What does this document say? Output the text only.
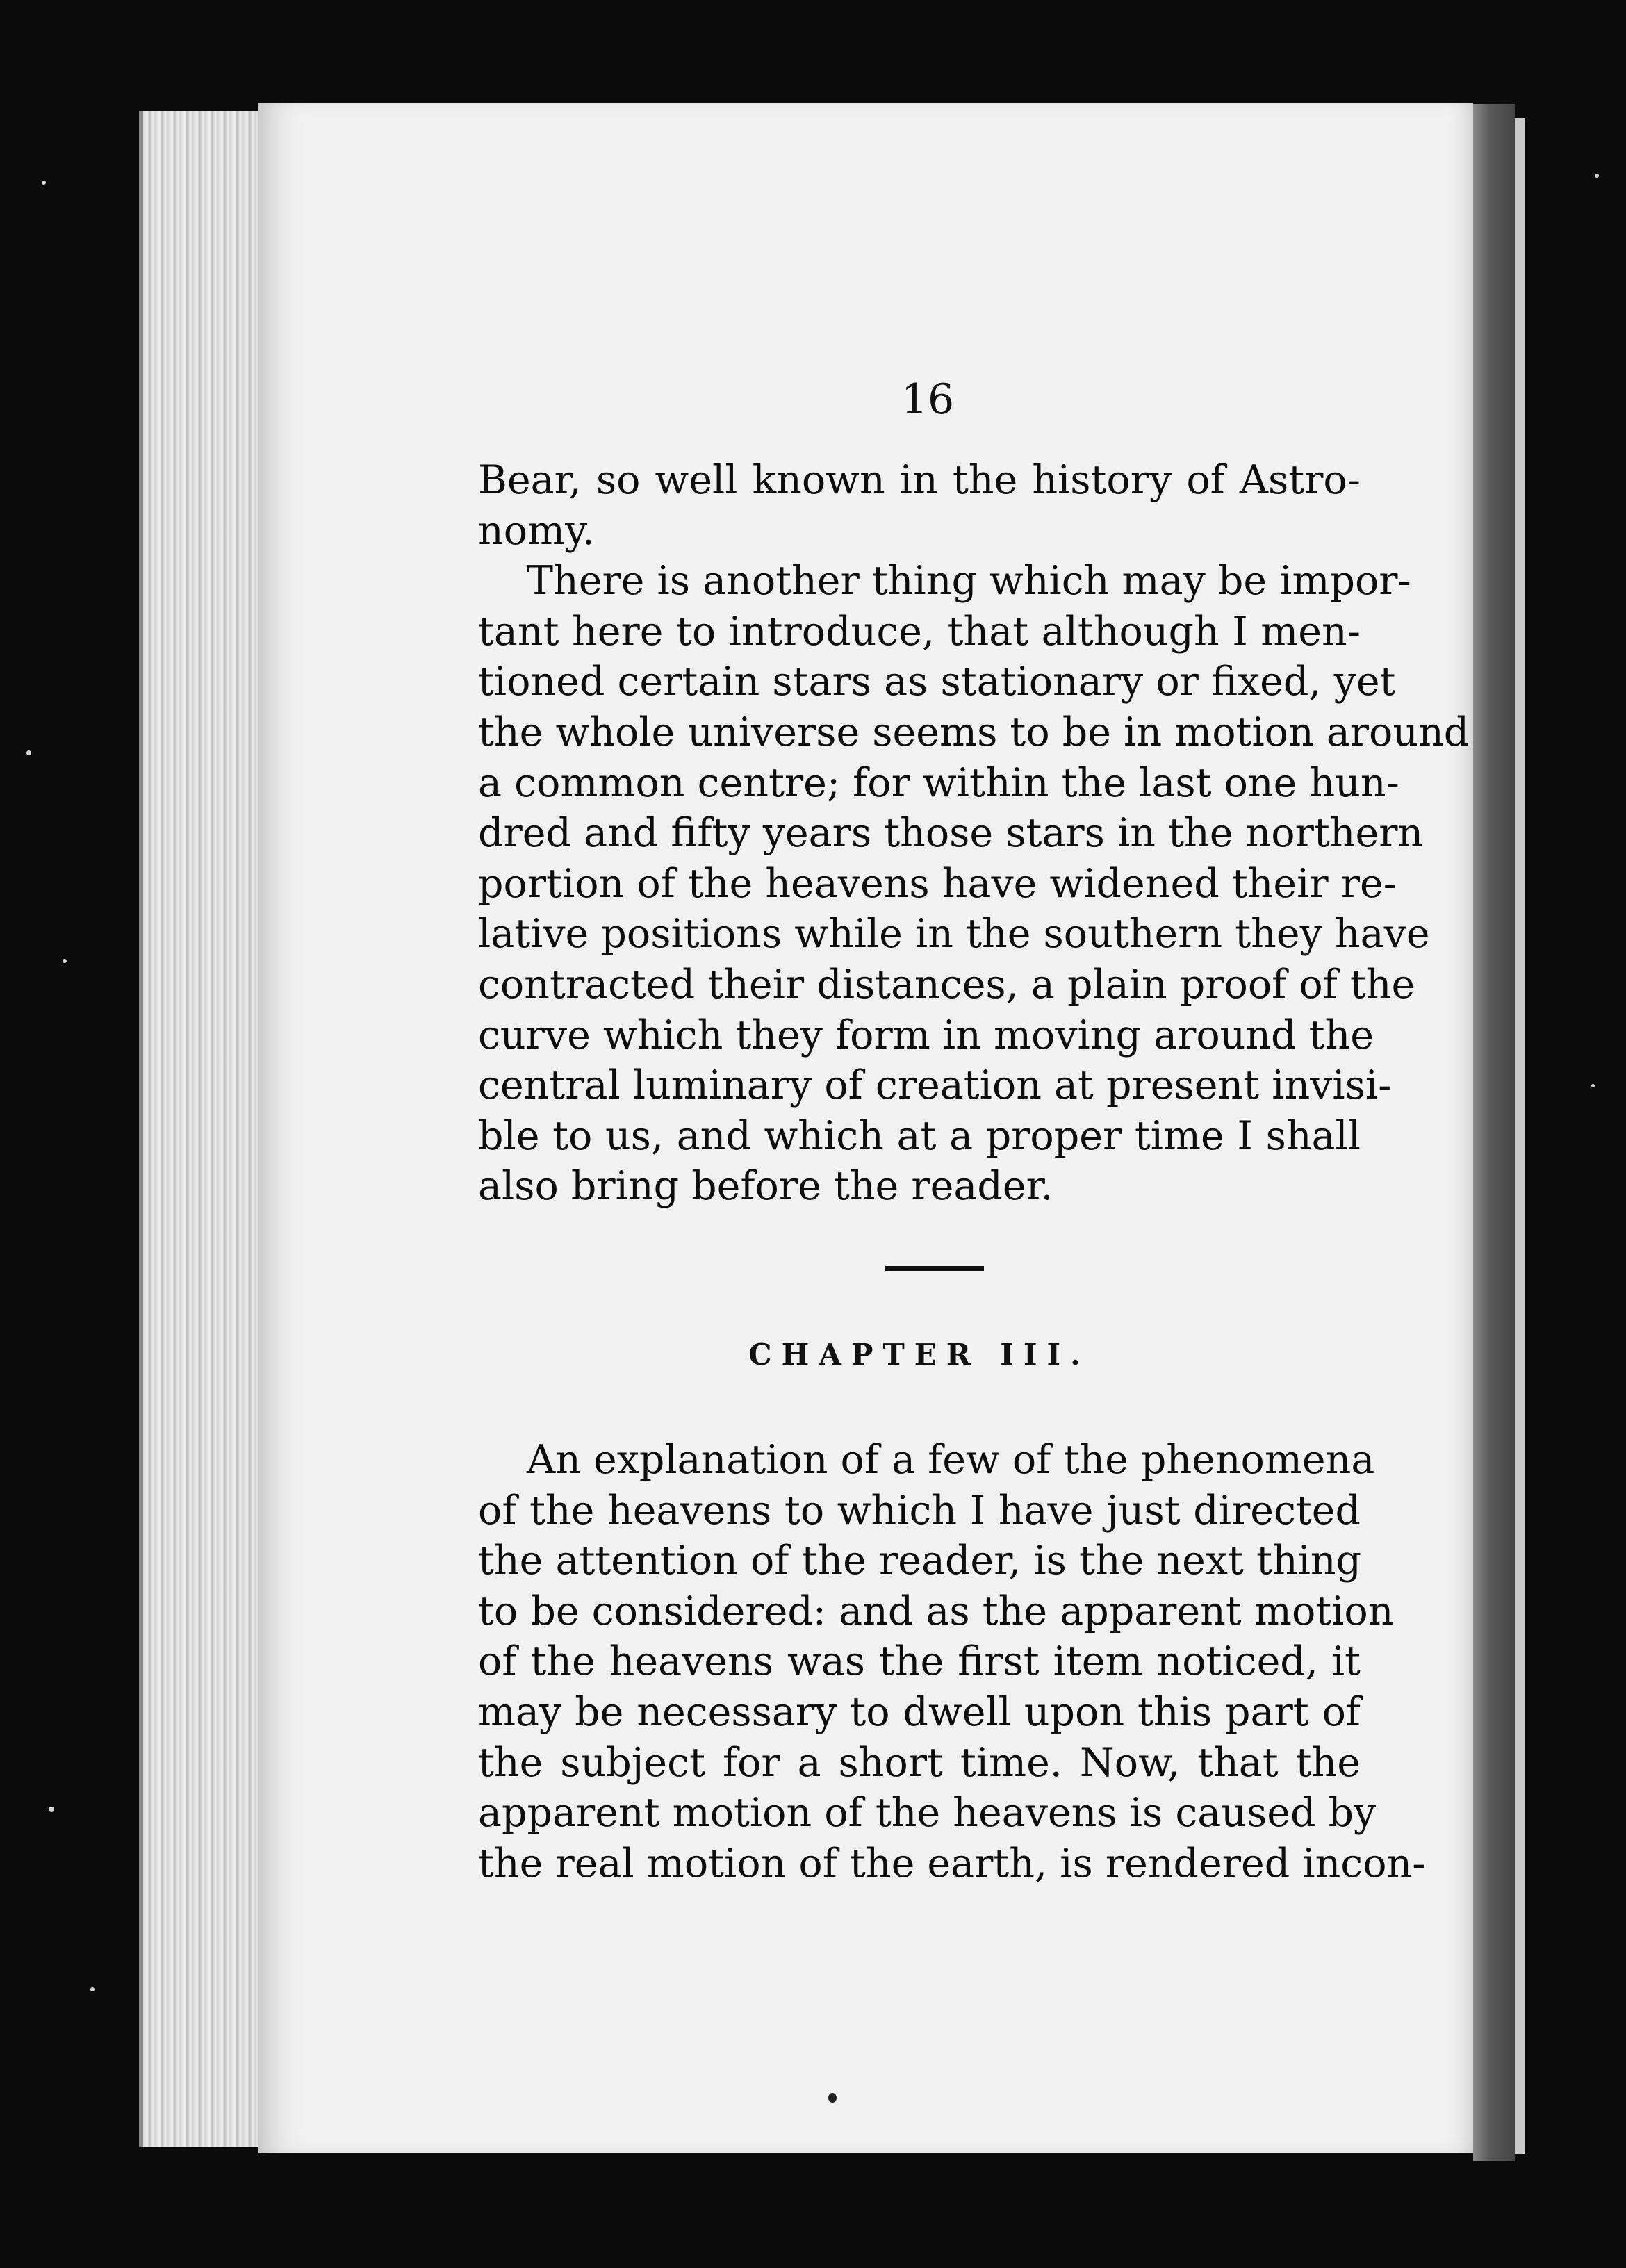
16
Bear, so well known in the history of Astro-
nomy.
There is another thing which may be impor-
tant here to introduce, that although I men-
tioned certain stars as stationary or fixed, yet
the whole universe seems to be in motion around
a common centre; for within the last one hun-
dred and fifty years those stars in the northern
portion of the heavens have widened their re-
lative positions while in the southern they have
contracted their distances, a plain proof of the
curve which they form in moving around the
central luminary of creation at present invisi-
ble to us, and which at a proper time I shall
also bring before the reader.
CHAPTER III.
An explanation of a few of the phenomena
of the heavens to which I have just directed
the attention of the reader, is the next thing
to be considered: and as the apparent motion
of the heavens was the first item noticed, it
may be necessary to dwell upon this part of
the subject for a short time. Now, that the
apparent motion of the heavens is caused by
the real motion of the earth, is rendered incon-
